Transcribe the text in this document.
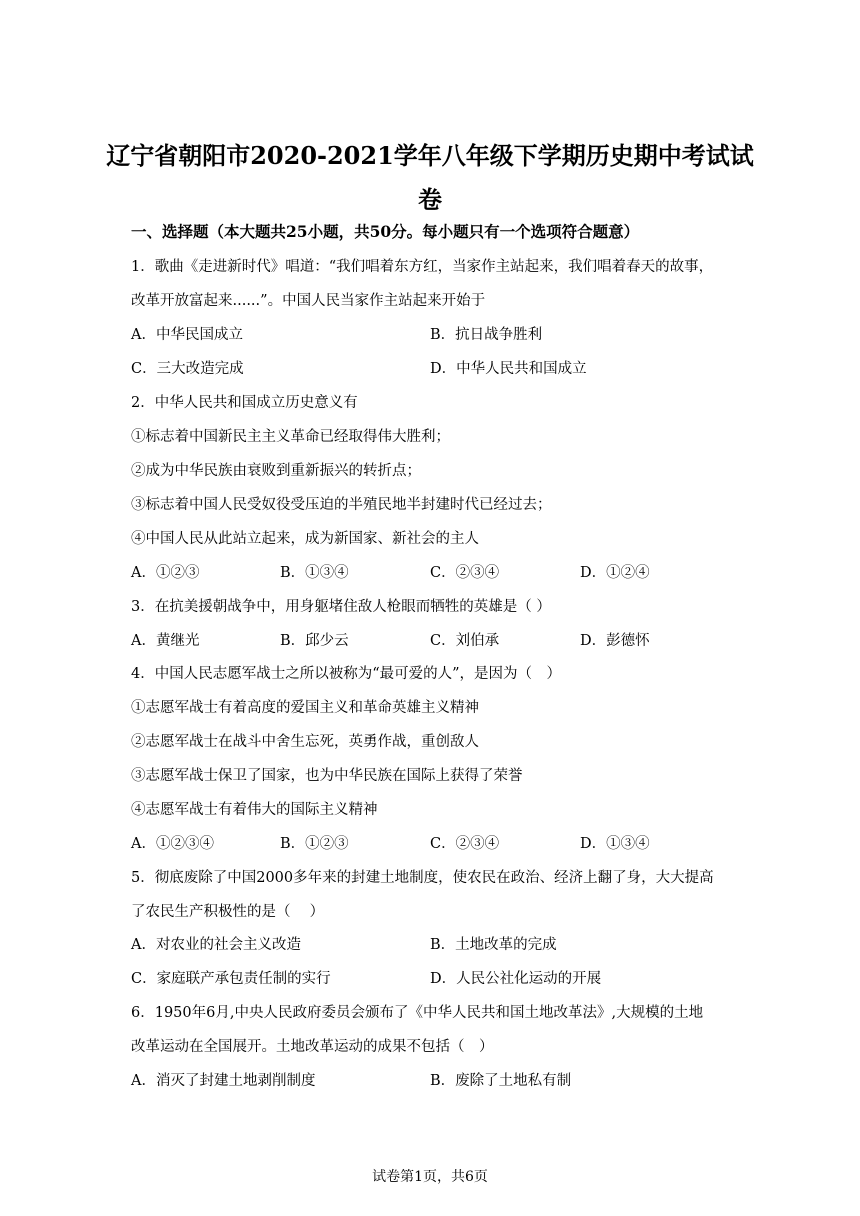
辽宁省朝阳市2020-2021学年八年级下学期历史期中考试试
卷
一、选择题（本大题共25小题，共50分。每小题只有一个选项符合题意）
1．歌曲《走进新时代》唱道：“我们唱着东方红，当家作主站起来，我们唱着春天的故事，
改革开放富起来......”。中国人民当家作主站起来开始于
A．中华民国成立	B．抗日战争胜利
C．三大改造完成	D．中华人民共和国成立
2．中华人民共和国成立历史意义有
①标志着中国新民主主义革命已经取得伟大胜利；
②成为中华民族由衰败到重新振兴的转折点；
③标志着中国人民受奴役受压迫的半殖民地半封建时代已经过去；
④中国人民从此站立起来，成为新国家、新社会的主人
A．①②③	B．①③④	C．②③④	D．①②④
3．在抗美援朝战争中，用身躯堵住敌人枪眼而牺牲的英雄是（ ）
A．黄继光	B．邱少云	C．刘伯承	D．彭德怀
4．中国人民志愿军战士之所以被称为“最可爱的人”，是因为（　）
①志愿军战士有着高度的爱国主义和革命英雄主义精神
②志愿军战士在战斗中舍生忘死，英勇作战，重创敌人
③志愿军战士保卫了国家，也为中华民族在国际上获得了荣誉
④志愿军战士有着伟大的国际主义精神
A．①②③④	B．①②③	C．②③④	D．①③④
5．彻底废除了中国2000多年来的封建土地制度，使农民在政治、经济上翻了身，大大提高
了农民生产积极性的是（　 ）
A．对农业的社会主义改造	B．土地改革的完成
C．家庭联产承包责任制的实行	D．人民公社化运动的开展
6．1950年6月,中央人民政府委员会颁布了《中华人民共和国土地改革法》,大规模的土地
改革运动在全国展开。土地改革运动的成果不包括（　）
A．消灭了封建土地剥削制度	B．废除了土地私有制
试卷第1页，共6页
